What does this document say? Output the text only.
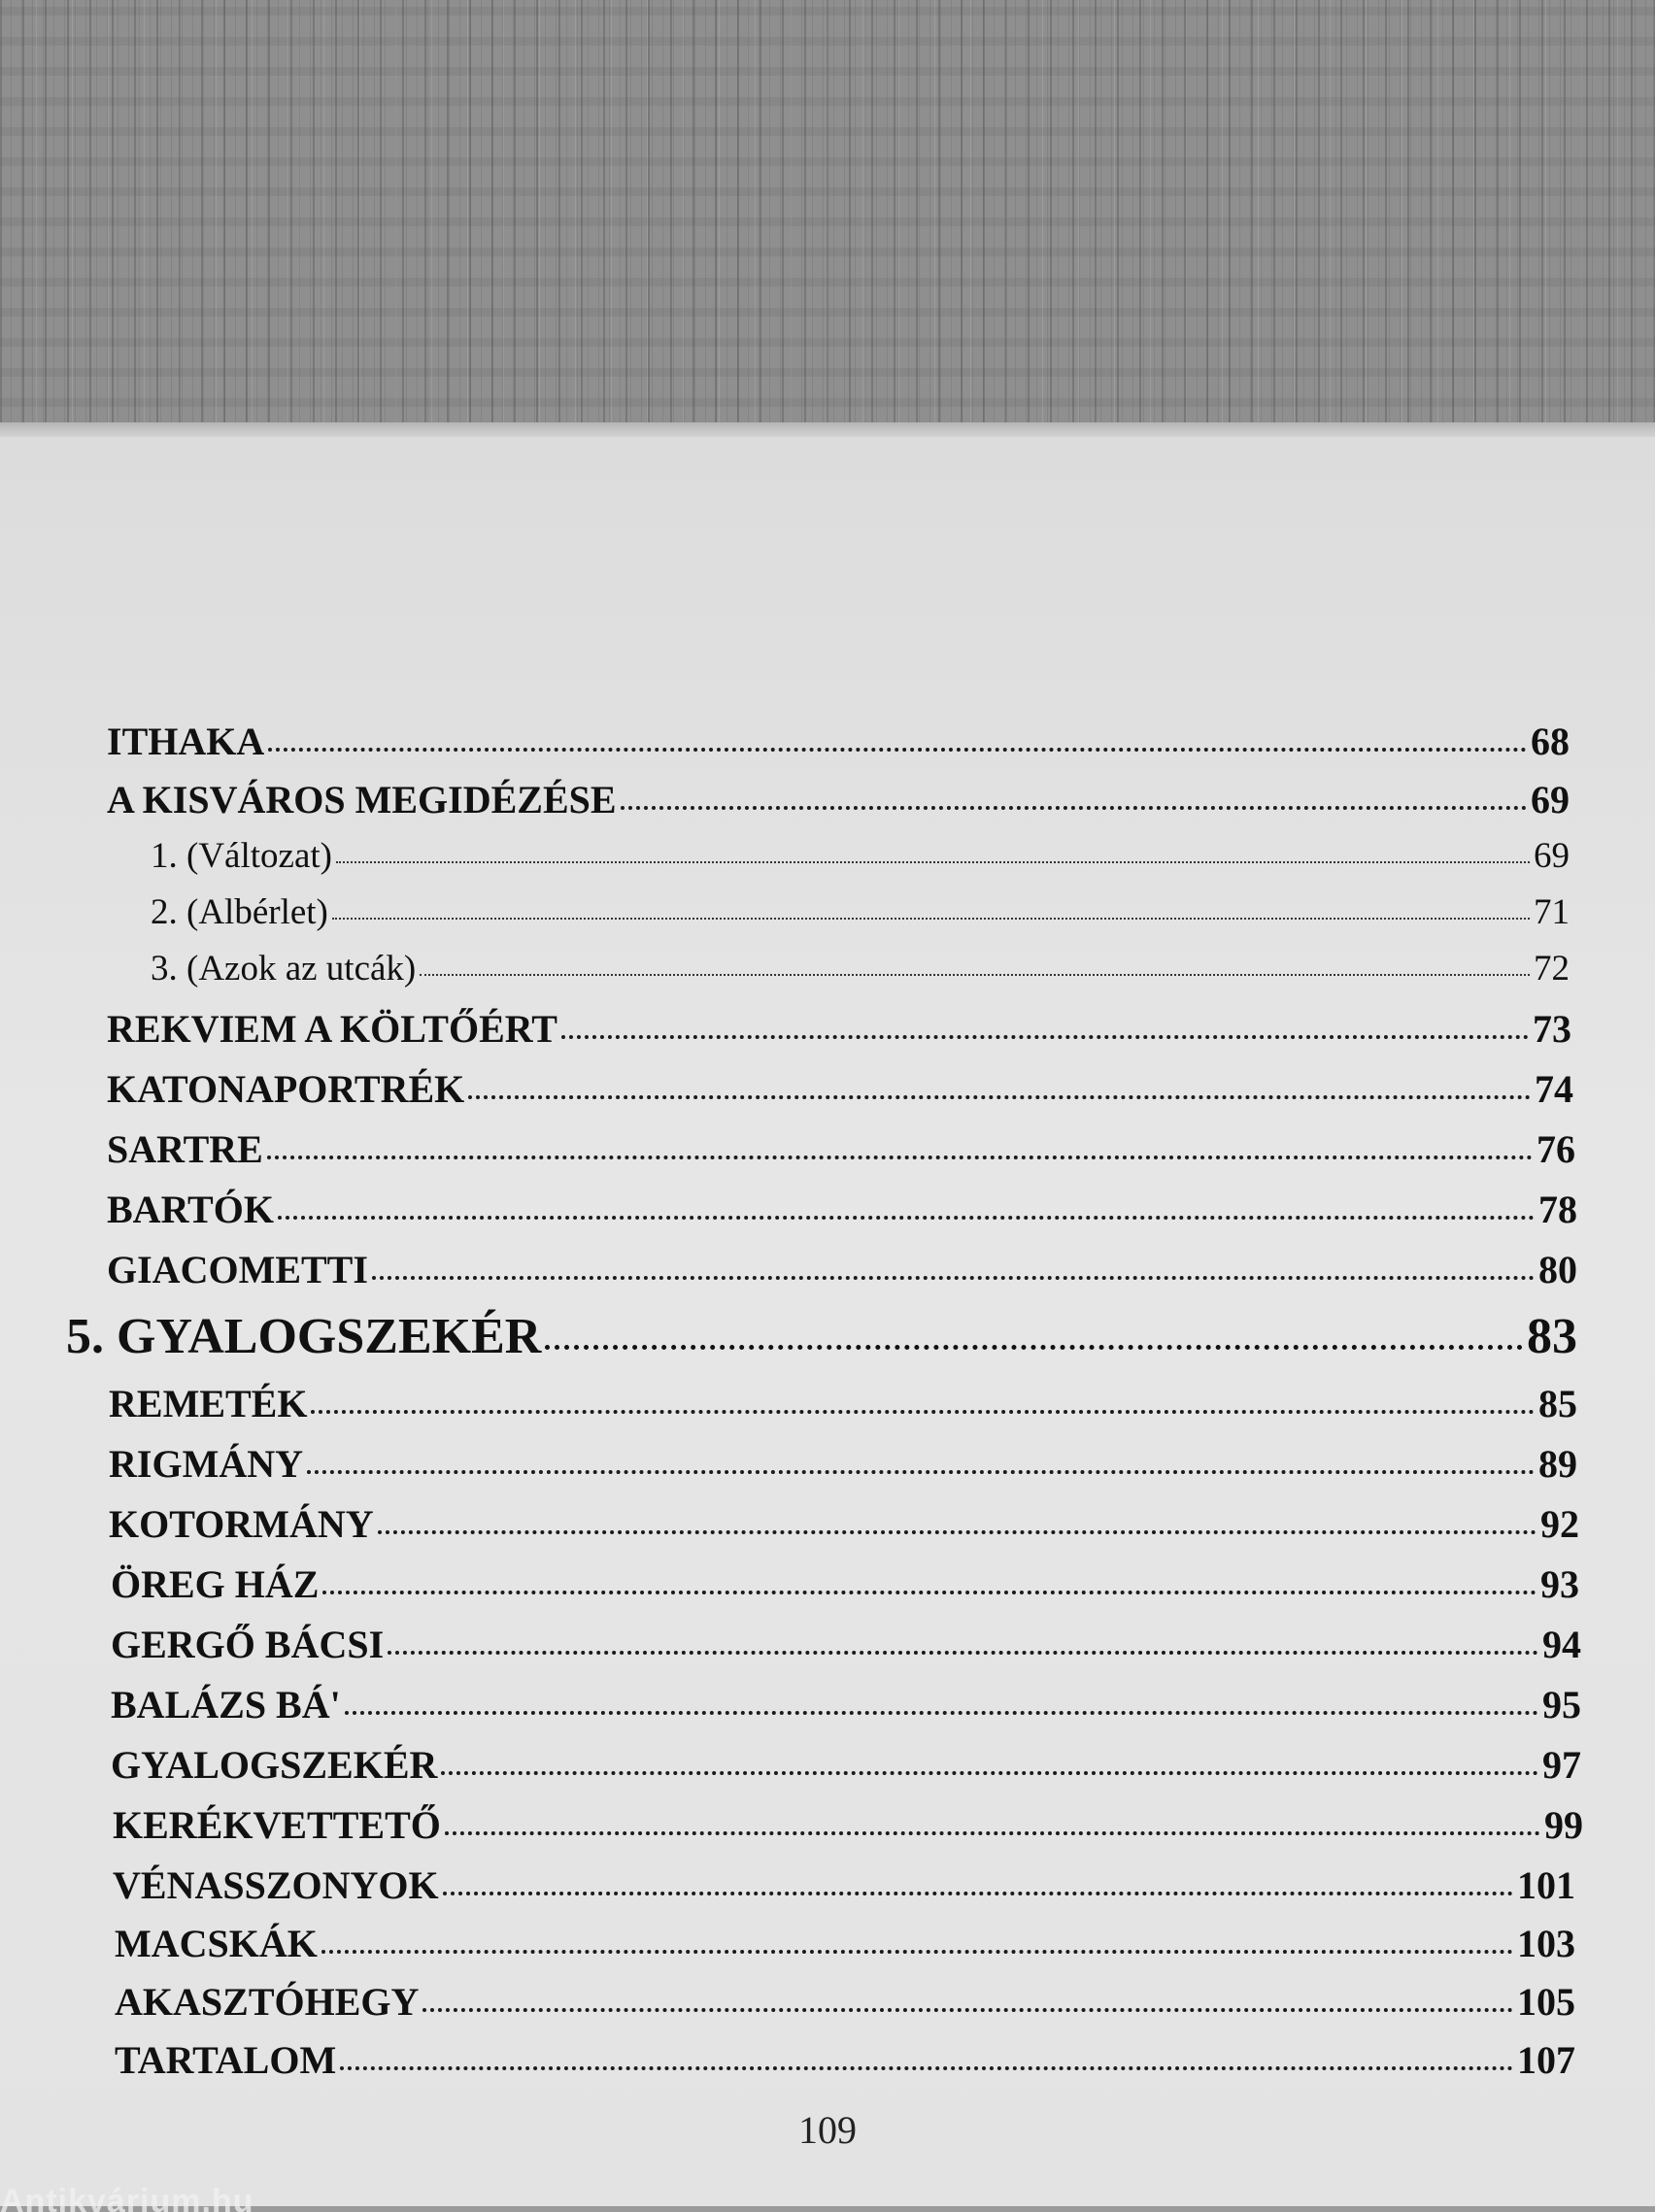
ITHAKA	68
A KISVÁROS MEGIDÉZÉSE	69
1. (Változat)	69
2. (Albérlet)	71
3. (Azok az utcák)	72
REKVIEM A KÖLTŐÉRT	73
KATONAPORTRÉK	74
SARTRE	76
BARTÓK	78
GIACOMETTI	80
5. GYALOGSZEKÉR	83
REMETÉK	85
RIGMÁNY	89
KOTORMÁNY	92
ÖREG HÁZ	93
GERGŐ BÁCSI	94
BALÁZS BÁ'	95
GYALOGSZEKÉR	97
KERÉKVETTETŐ	99
VÉNASSZONYOK	101
MACSKÁK	103
AKASZTÓHEGY	105
TARTALOM	107
109
Antikvárium.hu
